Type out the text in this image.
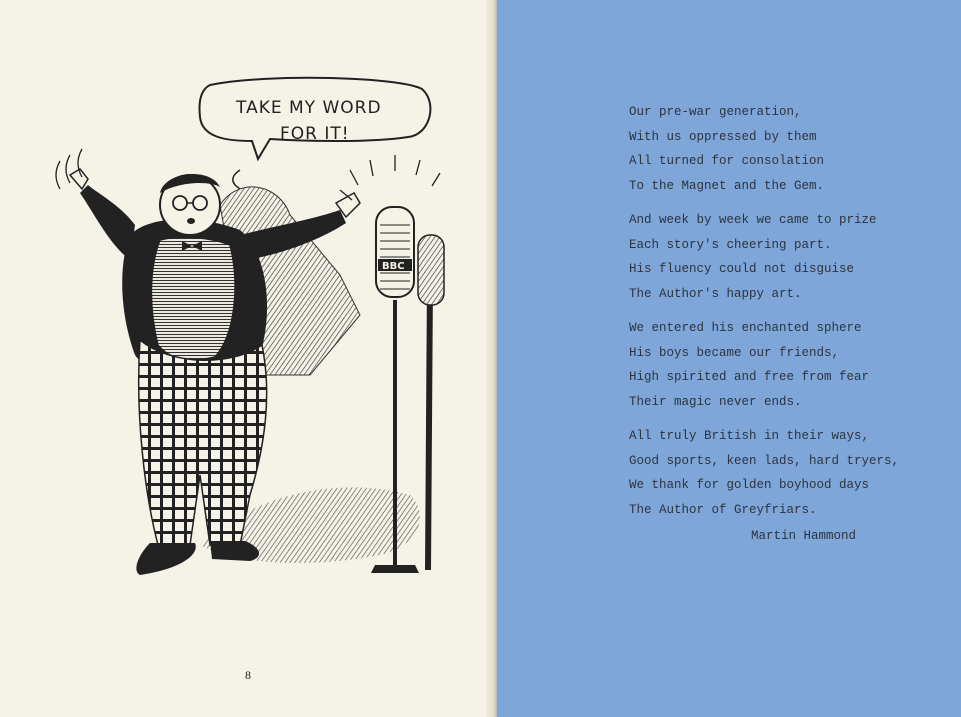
TAKE MY WORD
FOR IT!
BBC
8
Our pre-war generation,
With us oppressed by them
All turned for consolation
To the Magnet and the Gem.
And week by week we came to prize
Each story's cheering part.
His fluency could not disguise
The Author's happy art.
We entered his enchanted sphere
His boys became our friends,
High spirited and free from fear
Their magic never ends.
All truly British in their ways,
Good sports, keen lads, hard tryers,
We thank for golden boyhood days
The Author of Greyfriars.
Martin Hammond
